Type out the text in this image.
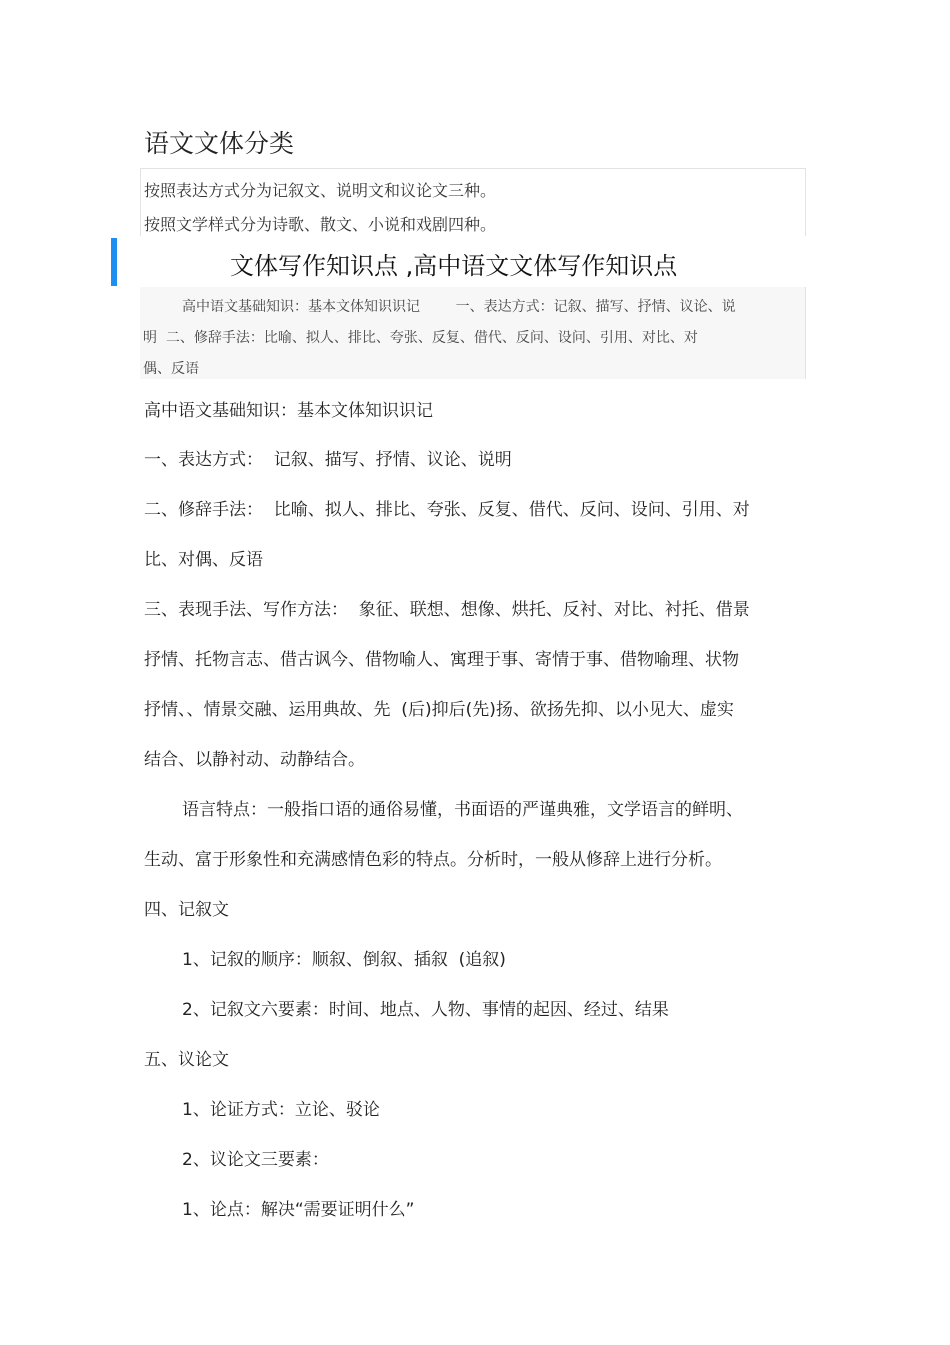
语文文体分类
按照表达方式分为记叙文、说明文和议论文三种。
按照文学样式分为诗歌、散文、小说和戏剧四种。
文体写作知识点 ,高中语文文体写作知识点
高中语文基础知识：基本文体知识识记        一、表达方式：记叙、描写、抒情、议论、说
明  二、修辞手法：比喻、拟人、排比、夸张、反复、借代、反问、设问、引用、对比、对
偶、反语
高中语文基础知识：基本文体知识识记
一、表达方式：  记叙、描写、抒情、议论、说明
二、修辞手法：  比喻、拟人、排比、夸张、反复、借代、反问、设问、引用、对
比、对偶、反语
三、表现手法、写作方法：  象征、联想、想像、烘托、反衬、对比、衬托、借景
抒情、托物言志、借古讽今、借物喻人、寓理于事、寄情于事、借物喻理、状物
抒情、、情景交融、运用典故、先  (后)抑后(先)扬、欲扬先抑、以小见大、虚实
结合、以静衬动、动静结合。
语言特点：一般指口语的通俗易懂，书面语的严谨典雅，文学语言的鲜明、
生动、富于形象性和充满感情色彩的特点。分析时，一般从修辞上进行分析。
四、记叙文
1、记叙的顺序：顺叙、倒叙、插叙  (追叙)
2、记叙文六要素：时间、地点、人物、事情的起因、经过、结果
五、议论文
1、论证方式：立论、驳论
2、议论文三要素：
1、论点：解决“需要证明什么”
